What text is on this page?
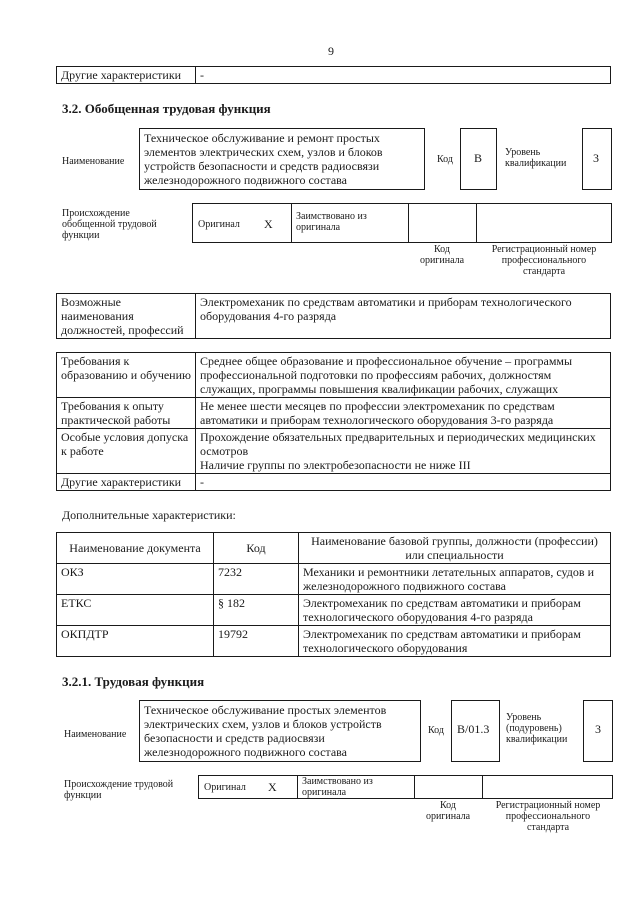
9
Другие характеристики	-
3.2. Обобщенная трудовая функция
Наименование
Техническое обслуживание и ремонт простых элементов электрических схем, узлов и блоков устройств безопасности и средств радиосвязи железнодорожного подвижного состава
Код В Уровень квалификации	3
Происхождение обобщенной трудовой функции
Оригинал X
Заимствовано из оригинала
Код оригинала
Регистрационный номер профессионального стандарта
Возможные наименования должностей, профессий	Электромеханик по средствам автоматики и приборам технологического оборудования 4-го разряда
Требования к образованию и обучению	Среднее общее образование и профессиональное обучение – программы профессиональной подготовки по профессиям рабочих, должностям служащих, программы повышения квалификации рабочих, служащих
Требования к опыту практической работы	Не менее шести месяцев по профессии электромеханик по средствам автоматики и приборам технологического оборудования 3-го разряда
Особые условия допуска к работе	Прохождение обязательных предварительных и периодических медицинских осмотров
Наличие группы по электробезопасности не ниже III

Другие характеристики	-
Дополнительные характеристики:
Наименование документа	Код	Наименование базовой группы, должности (профессии) или специальности
ОКЗ	7232	Механики и ремонтники летательных аппаратов, судов и железнодорожного подвижного состава
ЕТКС	§ 182	Электромеханик по средствам автоматики и приборам технологического оборудования 4-го разряда
ОКПДТР	19792	Электромеханик по средствам автоматики и приборам технологического оборудования
3.2.1. Трудовая функция
Наименование
Техническое обслуживание простых элементов электрических схем, узлов и блоков устройств безопасности и средств радиосвязи железнодорожного подвижного состава
Код В/01.3
Уровень (подуровень) квалификации
3
Происхождение трудовой функции
Оригинал X	Заимствовано из оригинала
Код оригинала
Регистрационный номер профессионального стандарта
